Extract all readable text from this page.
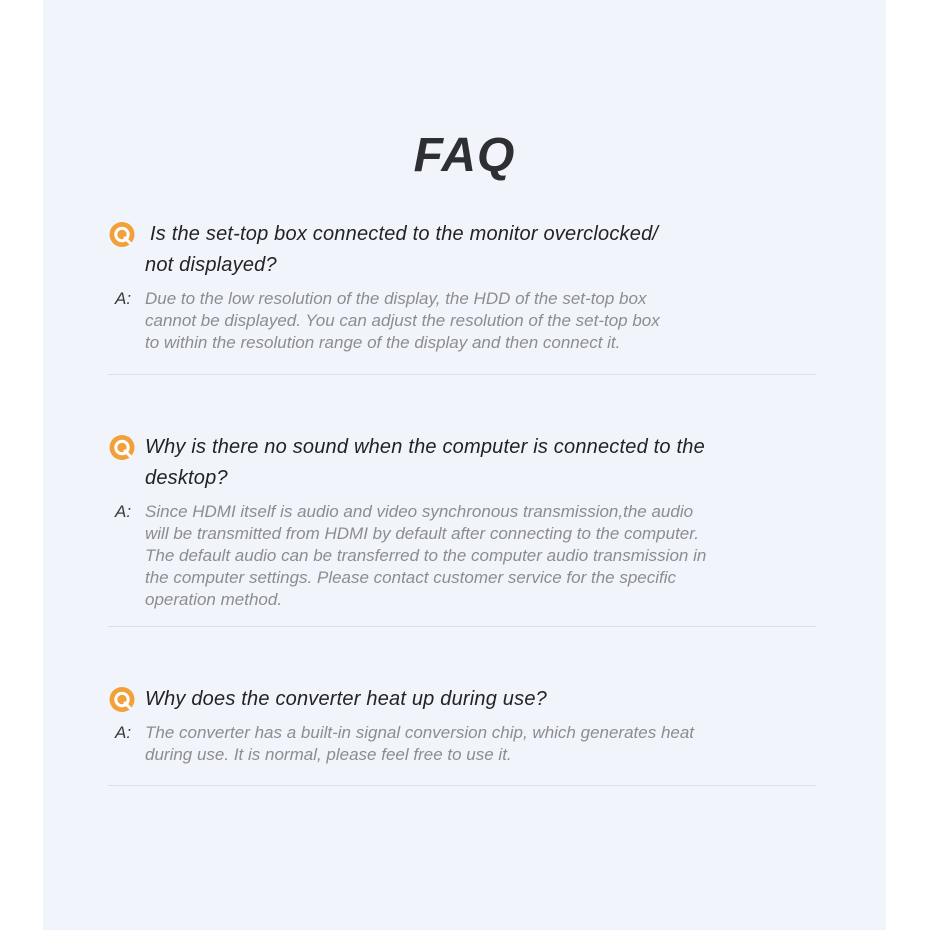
FAQ
Is the set-top box connected to the monitor overclocked/
not displayed?
A: Due to the low resolution of the display, the HDD of the set-top box
cannot be displayed. You can adjust the resolution of the set-top box
to within the resolution range of the display and then connect it.
Why is there no sound when the computer is connected to the
desktop?
A: Since HDMI itself is audio and video synchronous transmission,the audio
will be transmitted from HDMI by default after connecting to the computer.
The default audio can be transferred to the computer audio transmission in
the computer settings. Please contact customer service for the specific
operation method.
Why does the converter heat up during use?
A: The converter has a built-in signal conversion chip, which generates heat
during use. It is normal, please feel free to use it.
